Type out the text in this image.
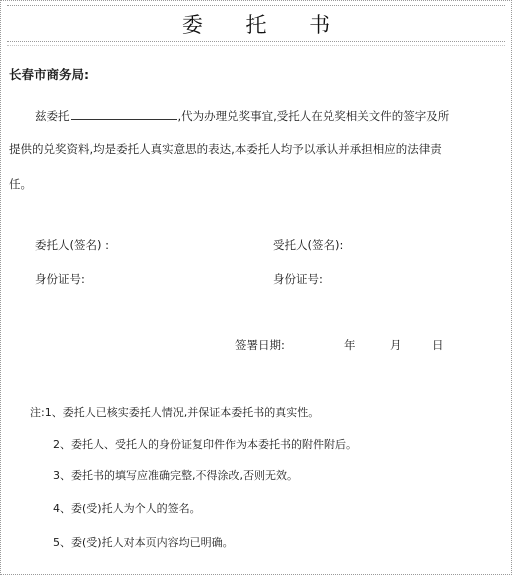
委 托 书
长春市商务局:
兹委托	,代为办理兑奖事宜,受托人在兑奖相关文件的签字及所
提供的兑奖资料,均是委托人真实意思的表达,本委托人均予以承认并承担相应的法律责
任。
委托人(签名) :	受托人(签名):
身份证号:	身份证号:
签署日期:	年	月	日
注:1、委托人已核实委托人情况,并保证本委托书的真实性。
2、委托人、受托人的身份证复印件作为本委托书的附件附后。
3、委托书的填写应准确完整,不得涂改,否则无效。
4、委(受)托人为个人的签名。
5、委(受)托人对本页内容均已明确。
